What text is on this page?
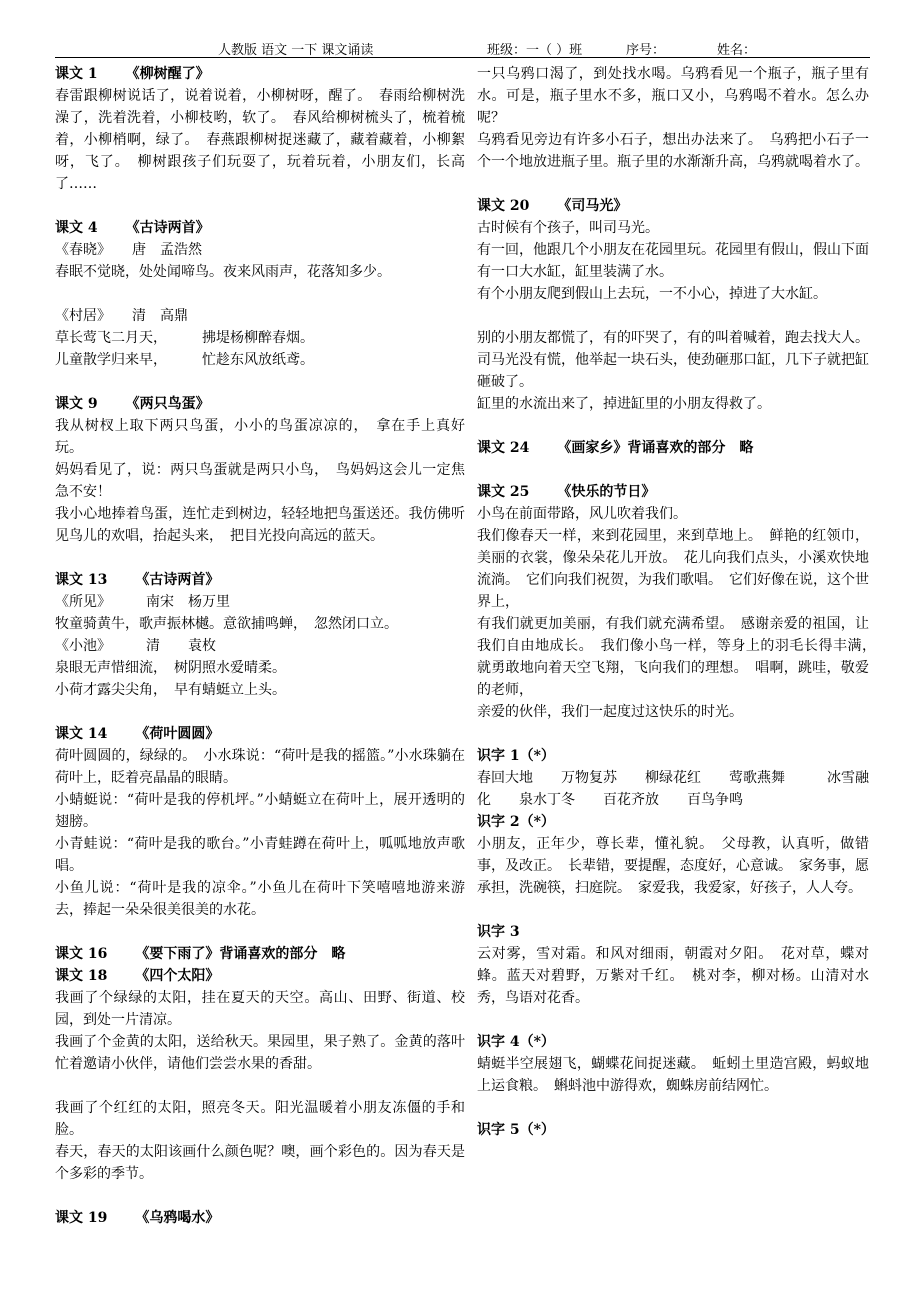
人教版 语文 一下 课文诵读	班级：一（ ）班	序号：	姓名：
课文 1 《柳树醒了》

春雷跟柳树说话了，说着说着，小柳树呀，醒了。　春雨给柳树洗澡了，洗着洗着，小柳枝哟，软了。　春风给柳树梳头了，梳着梳着，小柳梢啊，绿了。　春燕跟柳树捉迷藏了，藏着藏着，小柳絮呀，飞了。　柳树跟孩子们玩耍了，玩着玩着，小朋友们，长高了……

课文 4 《古诗两首》

《春晓》　　唐　孟浩然

春眠不觉晓，处处闻啼鸟。夜来风雨声，花落知多少。

《村居》　　清　高鼎

草长莺飞二月天，　　　拂堤杨柳醉春烟。

儿童散学归来早，　　　忙趁东风放纸鸢。

课文 9 《两只鸟蛋》

我从树杈上取下两只鸟蛋，小小的鸟蛋凉凉的，　拿在手上真好玩。

妈妈看见了，说：两只鸟蛋就是两只小鸟，　鸟妈妈这会儿一定焦急不安！

我小心地捧着鸟蛋，连忙走到树边，轻轻地把鸟蛋送还。我仿佛听见鸟儿的欢唱，抬起头来，　把目光投向高远的蓝天。

课文 13 《古诗两首》

《所见》　　　南宋　杨万里

牧童骑黄牛，歌声振林樾。意欲捕鸣蝉，　忽然闭口立。

《小池》　　　清　　袁枚

泉眼无声惜细流，　树阴照水爱晴柔。

小荷才露尖尖角，　早有蜻蜓立上头。

课文 14 《荷叶圆圆》

荷叶圆圆的，绿绿的。　小水珠说：“荷叶是我的摇篮。”小水珠躺在荷叶上，眨着亮晶晶的眼睛。

小蜻蜓说：“荷叶是我的停机坪。”小蜻蜓立在荷叶上，展开透明的翅膀。

小青蛙说：“荷叶是我的歌台。”小青蛙蹲在荷叶上，呱呱地放声歌唱。

小鱼儿说：“荷叶是我的凉伞。”小鱼儿在荷叶下笑嘻嘻地游来游去，捧起一朵朵很美很美的水花。

课文 16 《要下雨了》背诵喜欢的部分 略
课文 18 《四个太阳》

我画了个绿绿的太阳，挂在夏天的天空。高山、田野、街道、校园，到处一片清凉。

我画了个金黄的太阳，送给秋天。果园里，果子熟了。金黄的落叶忙着邀请小伙伴，请他们尝尝水果的香甜。

我画了个红红的太阳，照亮冬天。阳光温暖着小朋友冻僵的手和脸。

春天，春天的太阳该画什么颜色呢？噢，画个彩色的。因为春天是个多彩的季节。

课文 19 《乌鸦喝水》

一只乌鸦口渴了，到处找水喝。乌鸦看见一个瓶子，瓶子里有水。可是，瓶子里水不多，瓶口又小，乌鸦喝不着水。怎么办呢？

乌鸦看见旁边有许多小石子，想出办法来了。　乌鸦把小石子一个一个地放进瓶子里。瓶子里的水渐渐升高，乌鸦就喝着水了。

课文 20 《司马光》

古时候有个孩子，叫司马光。

有一回，他跟几个小朋友在花园里玩。花园里有假山，假山下面有一口大水缸，缸里装满了水。

有个小朋友爬到假山上去玩，一不小心，掉进了大水缸。

别的小朋友都慌了，有的吓哭了，有的叫着喊着，跑去找大人。

司马光没有慌，他举起一块石头，使劲砸那口缸，几下子就把缸砸破了。

缸里的水流出来了，掉进缸里的小朋友得救了。

课文 24 《画家乡》背诵喜欢的部分 略
课文 25 《快乐的节日》

小鸟在前面带路，风儿吹着我们。

我们像春天一样，来到花园里，来到草地上。　鲜艳的红领巾，美丽的衣裳，像朵朵花儿开放。　花儿向我们点头，小溪欢快地流淌。　它们向我们祝贺，为我们歌唱。　它们好像在说，这个世界上，

有我们就更加美丽，有我们就充满希望。　感谢亲爱的祖国，让我们自由地成长。　我们像小鸟一样，等身上的羽毛长得丰满，　就勇敢地向着天空飞翔，飞向我们的理想。　唱啊，跳哇，敬爱的老师，

亲爱的伙伴，我们一起度过这快乐的时光。

识字 1（*）

春回大地　　万物复苏　　柳绿花红　　莺歌燕舞　　　冰雪融化　　泉水丁冬　　百花齐放　　百鸟争鸣

识字 2（*）

小朋友，正年少，尊长辈，懂礼貌。　父母教，认真听，做错事，及改正。　长辈错，要提醒，态度好，心意诚。　家务事，愿承担，洗碗筷，扫庭院。　家爱我，我爱家，好孩子，人人夸。

识字 3

云对雾，雪对霜。和风对细雨，朝霞对夕阳。　花对草，蝶对蜂。蓝天对碧野，万紫对千红。　桃对李，柳对杨。山清对水秀，鸟语对花香。

识字 4（*）

蜻蜓半空展翅飞，蝴蝶花间捉迷藏。　蚯蚓土里造宫殿，蚂蚁地上运食粮。　蝌蚪池中游得欢，蜘蛛房前结网忙。

识字 5（*）
